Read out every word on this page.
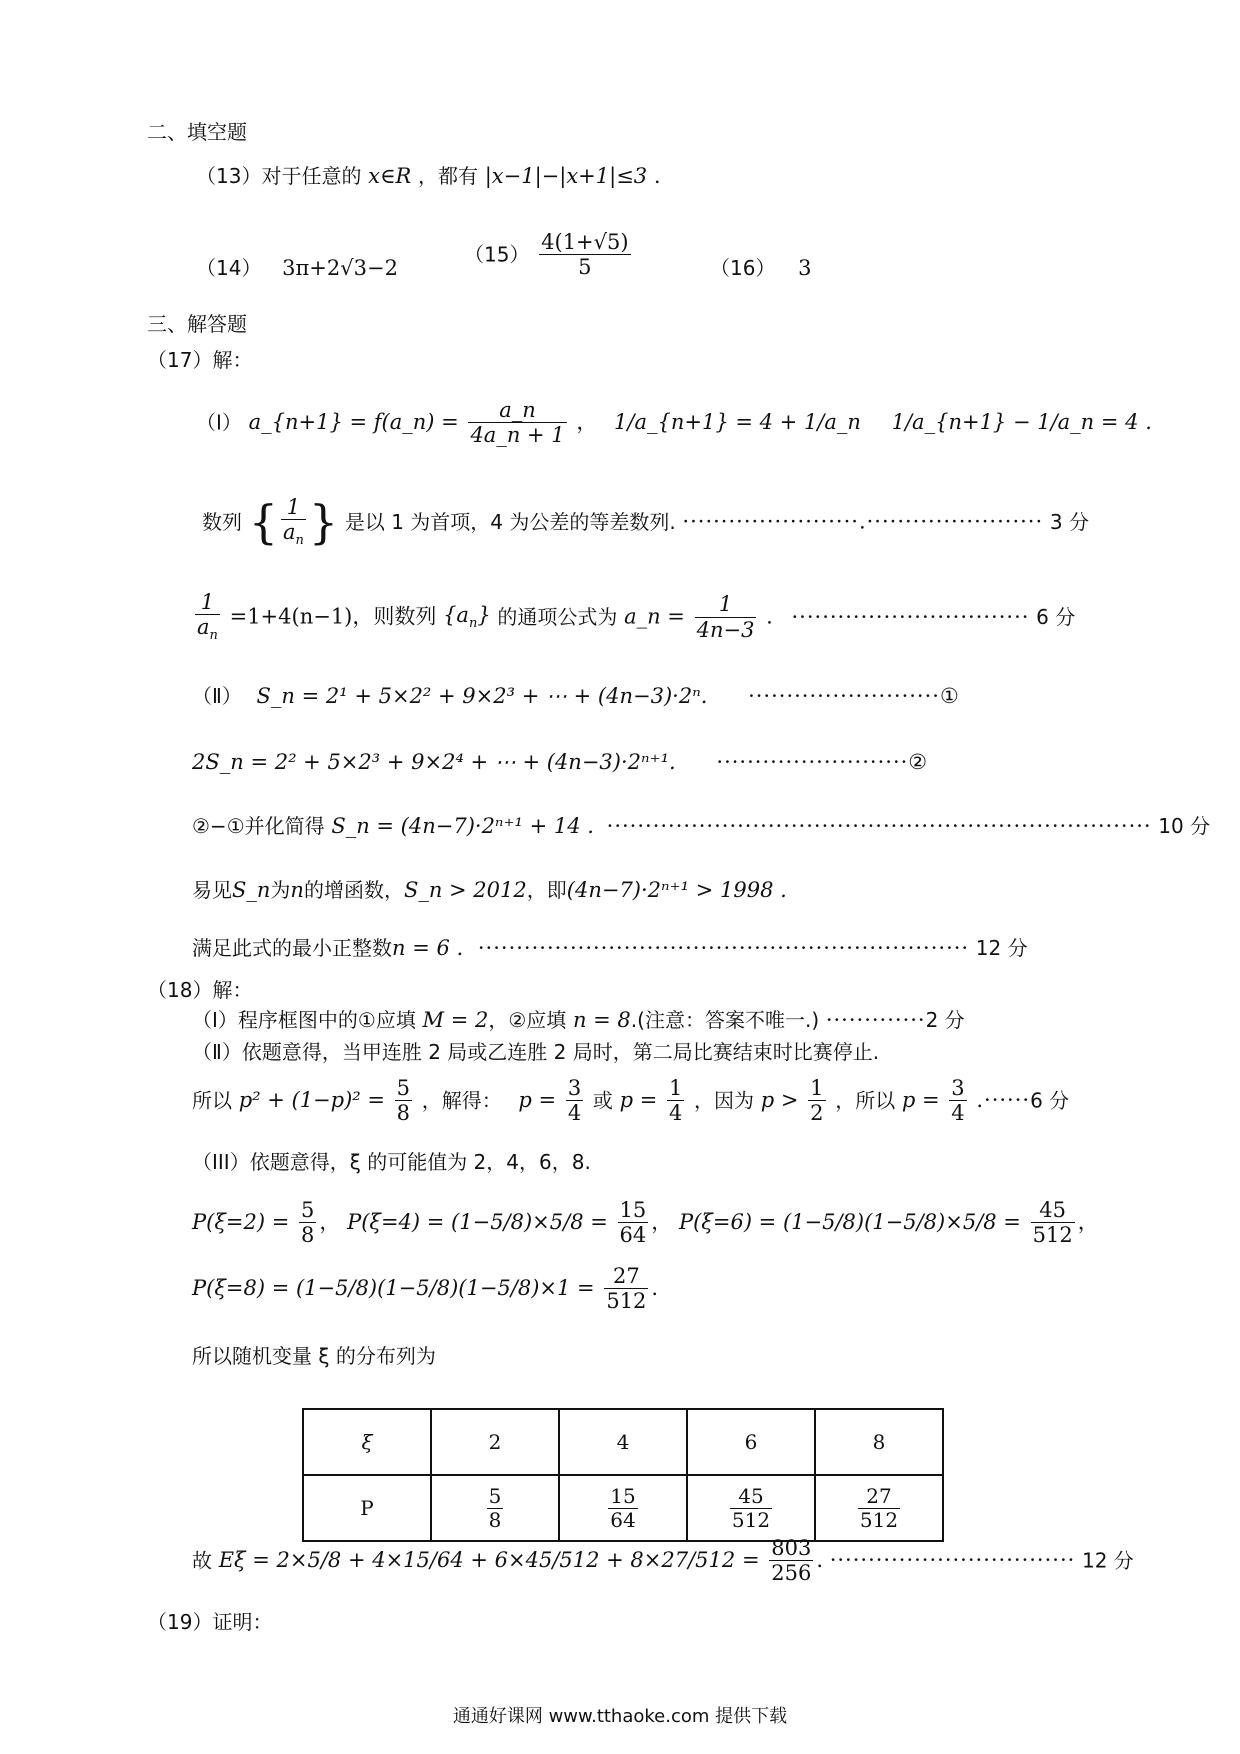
二、填空题
（13）对于任意的 x∈R ，都有 |x−1|−|x+1|≤3 .
（14） 3π+2√3−2
$(15) \frac{4(1+√5)}{5}$	（16） 3
三、解答题
（17）解：
（Ⅰ） a_{n+1} = f(a_n) = $\frac{a\_n}{4a\_n + 1}$ ， 1/a_{n+1} = 4 + 1/a_n 1/a_{n+1} − 1/a_n = 4 .
数列 { $\frac{1}{a_n}$ } 是以 1 为首项，4 为公差的等差数列. ·······················.······················· 3 分
$\frac{1}{a_n} =1+4(n-1)$，则数列 $\{a_n\}$ 的通项公式为 a_n = $\frac{1}{4n-3}$ . ······························· 6 分
（Ⅱ） S_n = 2¹ + 5×2² + 9×2³ + ⋯ + (4n−3)·2ⁿ. ·························①
2S_n = 2² + 5×2³ + 9×2⁴ + ⋯ + (4n−3)·2ⁿ⁺¹. ·························②
②−①并化简得 S_n = (4n−7)·2ⁿ⁺¹ + 14 . ······································································· 10 分
易见S_n为n的增函数，S_n > 2012，即(4n−7)·2ⁿ⁺¹ > 1998 .
满足此式的最小正整数n = 6 . ································································ 12 分
（18）解：
（Ⅰ）程序框图中的①应填 M = 2，②应填 n = 8.(注意：答案不唯一.) ·············2 分
（Ⅱ）依题意得，当甲连胜 2 局或乙连胜 2 局时，第二局比赛结束时比赛停止.
所以 $p^2 + (1-p)^2 = \frac{5}{8}$ ，解得： $p = \frac{3}{4}$ 或 $p = \frac{1}{4}$ ，因为 $p > \frac{1}{2}$ ，所以 $p = \frac{3}{4} .\cdot\cdot\cdot\cdot\cdot\cdot 6$ 分
（III）依题意得，ξ 的可能值为 2，4，6，8.
$P(\xi=2) = \frac{5}{8}$ ， $P(\xi=4) = (1-5/8)\times 5/8 = \frac{15}{64}$ ， $P(\xi=6) = (1-5/8)(1-5/8)\times 5/8 = \frac{45}{512}$ ，
$P(\xi=8) = (1-5/8)(1-5/8)(1-5/8)\times 1 = \frac{27}{512}$ .
所以随机变量 ξ 的分布列为
ξ	2	4	6	8
P	$\frac{5}{8}$	$\frac{15}{64}$	$\frac{45}{512}$	$\frac{27}{512}$
故 $E\xi = 2\times 5/8 + 4\times 15/64 + 6\times 45/512 + 8\times 27/512 = \frac{803}{256}$ . ································ 12 分
（19）证明：
通通好课网 www.tthaoke.com 提供下载
